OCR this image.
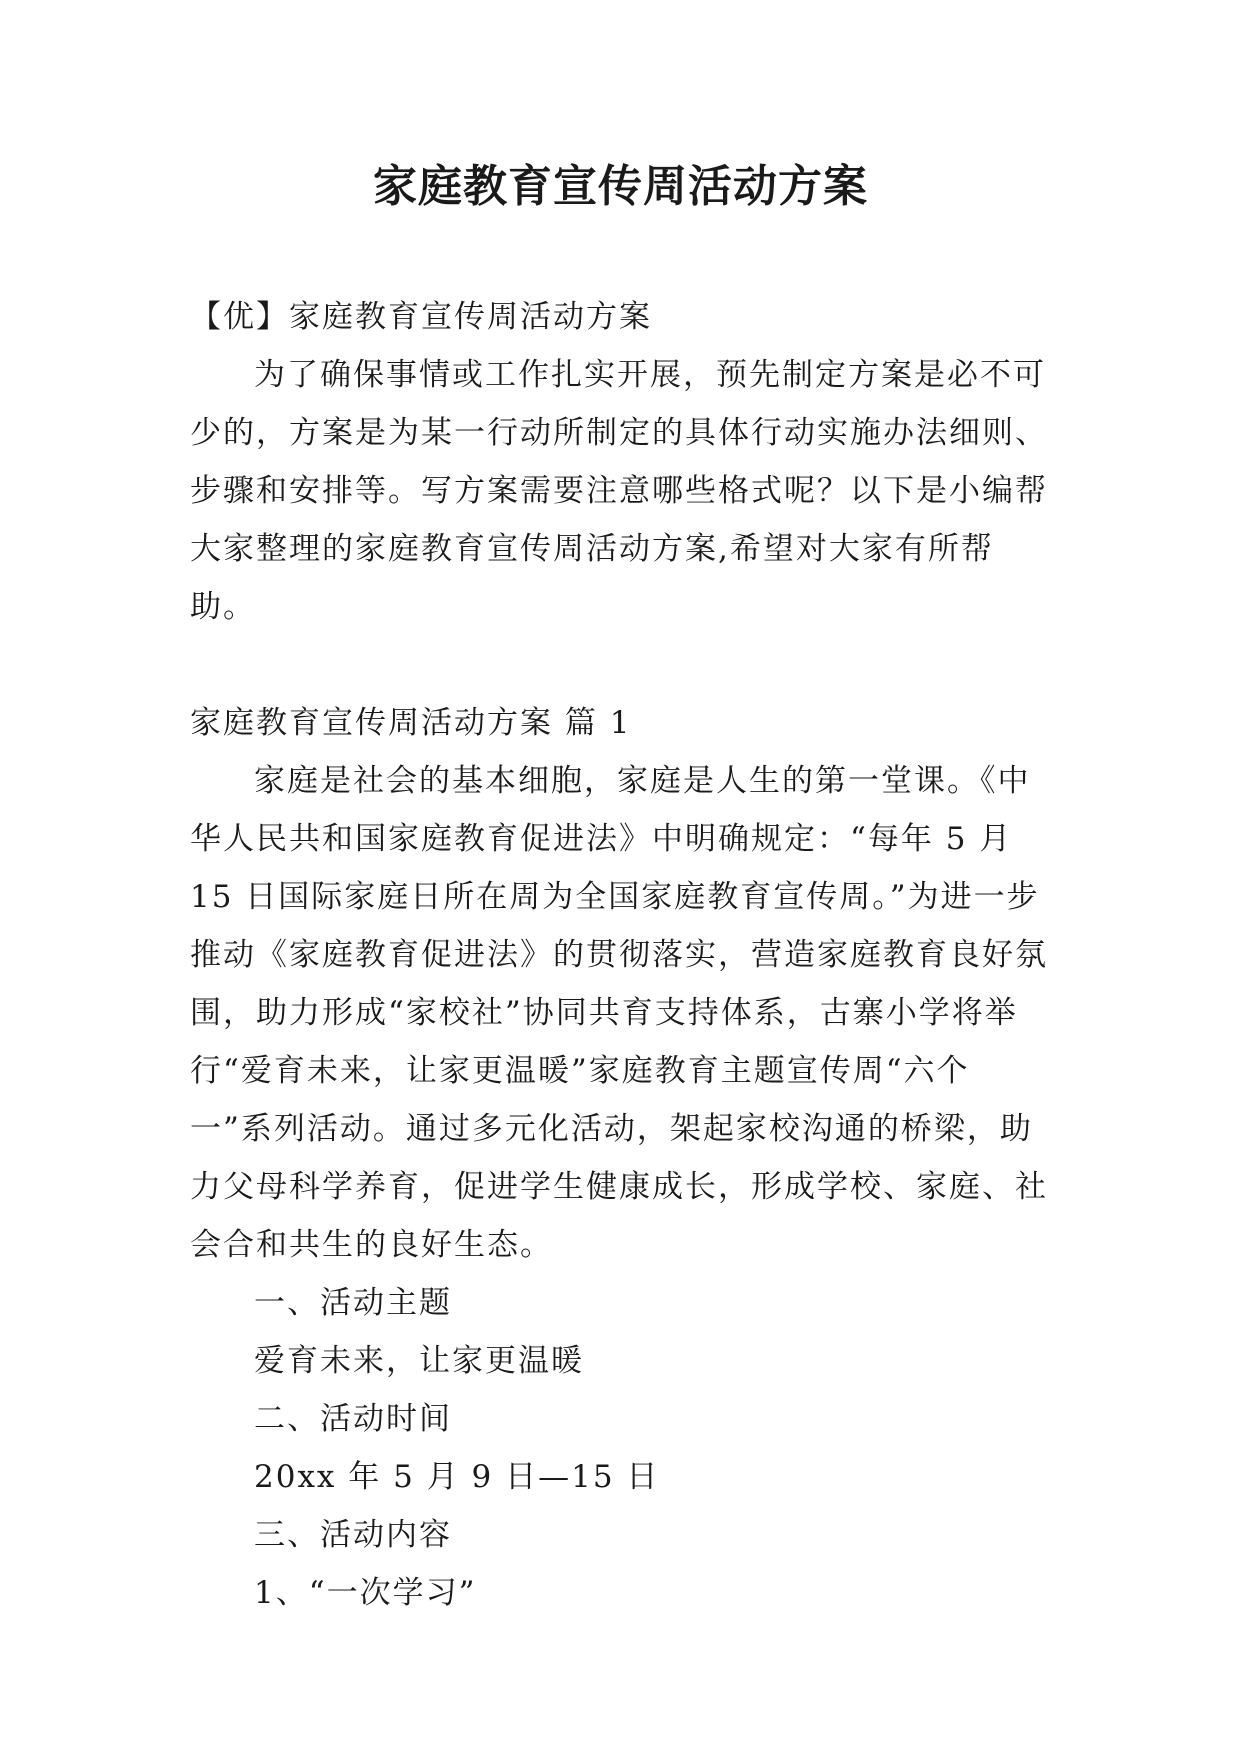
家庭教育宣传周活动方案

【优】家庭教育宣传周活动方案

为了确保事情或工作扎实开展，预先制定方案是必不可少的，方案是为某一行动所制定的具体行动实施办法细则、步骤和安排等。写方案需要注意哪些格式呢？以下是小编帮大家整理的家庭教育宣传周活动方案,希望对大家有所帮助。

家庭教育宣传周活动方案 篇 1

家庭是社会的基本细胞，家庭是人生的第一堂课。《中华人民共和国家庭教育促进法》中明确规定：“每年 5 月 15 日国际家庭日所在周为全国家庭教育宣传周。”为进一步推动《家庭教育促进法》的贯彻落实，营造家庭教育良好氛围，助力形成“家校社”协同共育支持体系，古寨小学将举行“爱育未来，让家更温暖”家庭教育主题宣传周“六个一”系列活动。通过多元化活动，架起家校沟通的桥梁，助力父母科学养育，促进学生健康成长，形成学校、家庭、社会合和共生的良好生态。

一、活动主题

爱育未来，让家更温暖

二、活动时间

20xx 年 5 月 9 日—15 日

三、活动内容

1、“一次学习”
